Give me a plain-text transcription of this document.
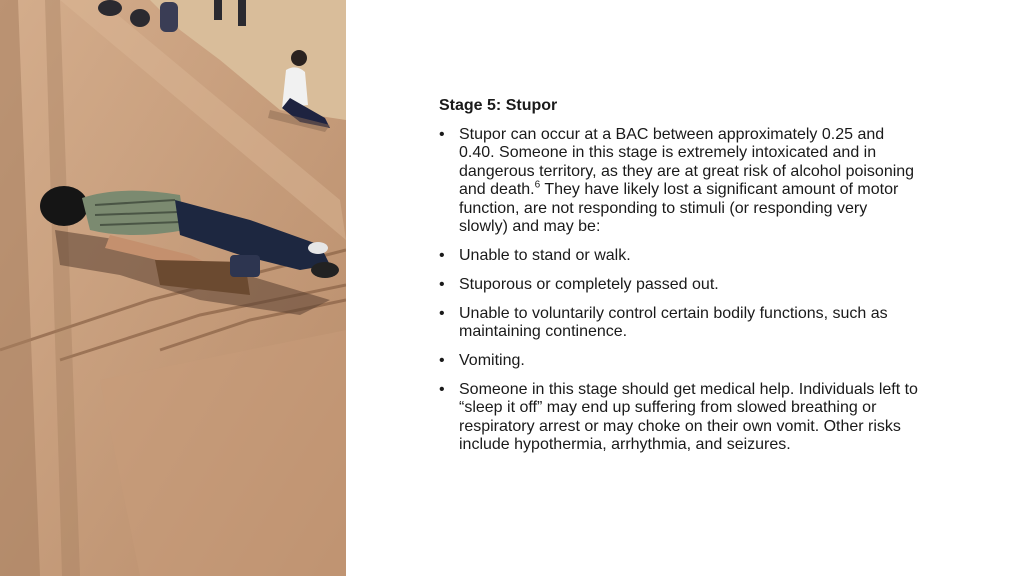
Stage 5: Stupor
• Stupor can occur at a BAC between approximately 0.25 and 0.40. Someone in this stage is extremely intoxicated and in dangerous territory, as they are at great risk of alcohol poisoning and death.$^6$ They have likely lost a significant amount of motor function, are not responding to stimuli (or responding very slowly) and may be:
• Unable to stand or walk.
• Stuporous or completely passed out.
• Unable to voluntarily control certain bodily functions, such as maintaining continence.
• Vomiting.
• Someone in this stage should get medical help. Individuals left to “sleep it off” may end up suffering from slowed breathing or respiratory arrest or may choke on their own vomit. Other risks include hypothermia, arrhythmia, and seizures.
